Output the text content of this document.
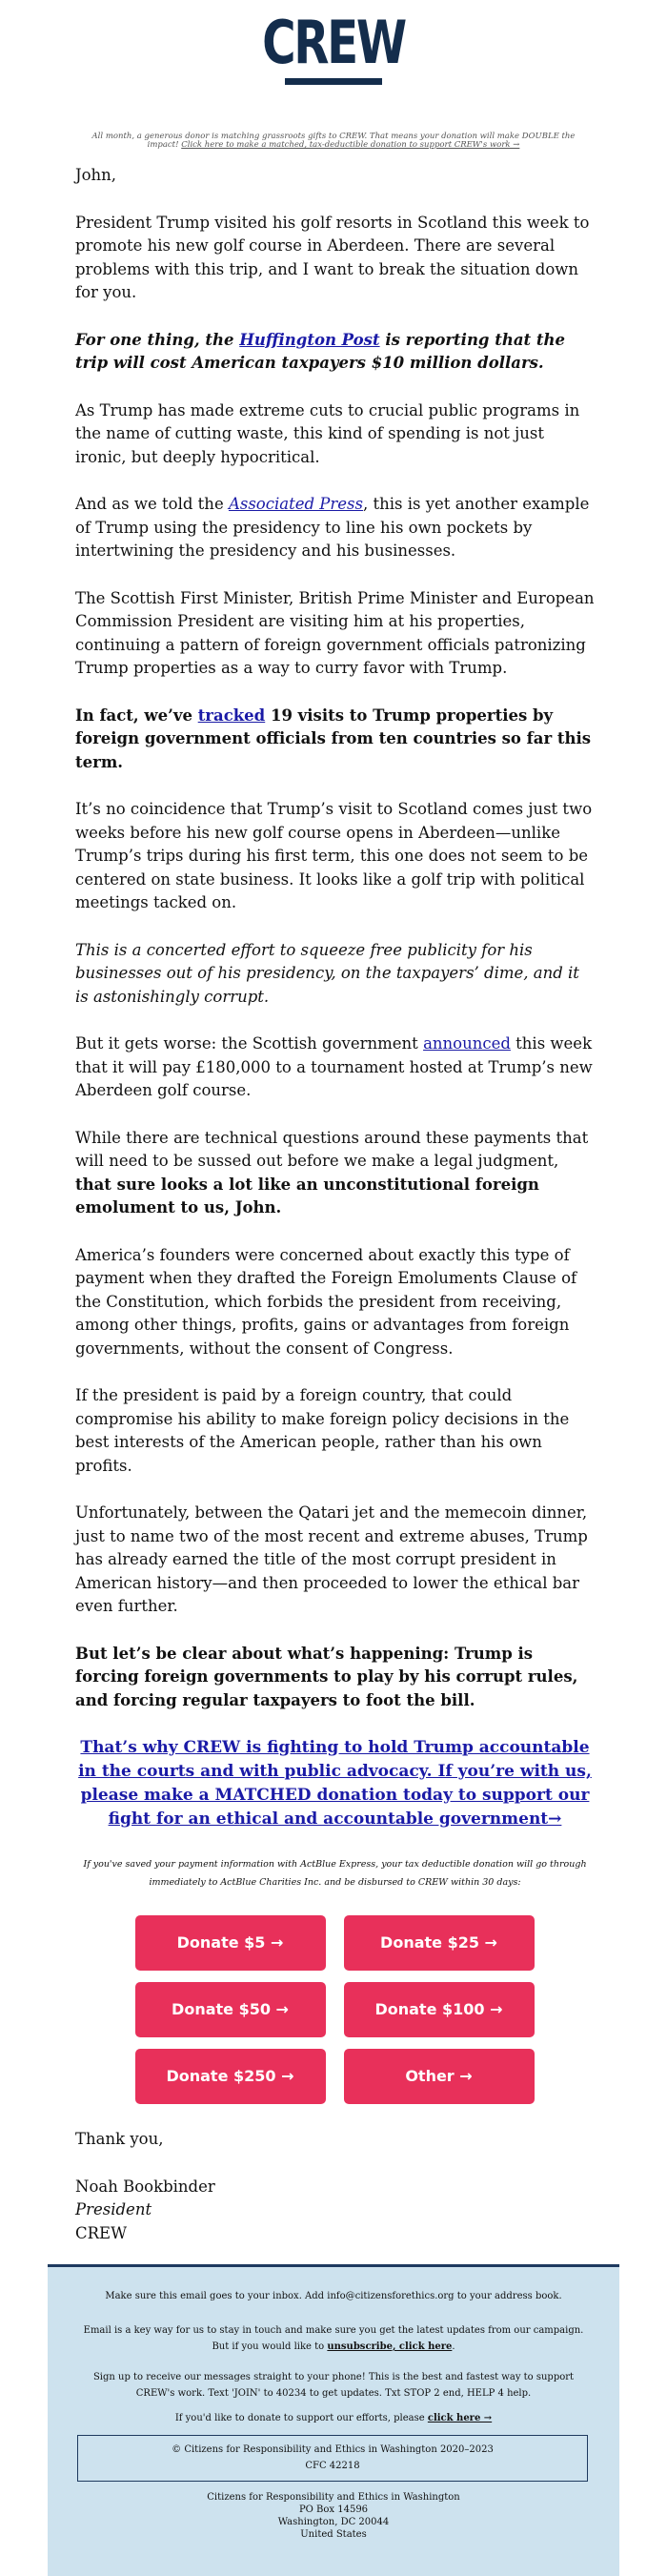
CREW
All month, a generous donor is matching grassroots gifts to CREW. That means your donation will make DOUBLE the impact! Click here to make a matched, tax-deductible donation to support CREW's work →

John,

President Trump visited his golf resorts in Scotland this week to promote his new golf course in Aberdeen. There are several problems with this trip, and I want to break the situation down for you.

For one thing, the Huffington Post is reporting that the trip will cost American taxpayers $10 million dollars.

As Trump has made extreme cuts to crucial public programs in the name of cutting waste, this kind of spending is not just ironic, but deeply hypocritical.

And as we told the Associated Press, this is yet another example of Trump using the presidency to line his own pockets by intertwining the presidency and his businesses.

The Scottish First Minister, British Prime Minister and European Commission President are visiting him at his properties, continuing a pattern of foreign government officials patronizing Trump properties as a way to curry favor with Trump.

In fact, we’ve tracked 19 visits to Trump properties by foreign government officials from ten countries so far this term.

It’s no coincidence that Trump’s visit to Scotland comes just two weeks before his new golf course opens in Aberdeen—unlike Trump’s trips during his first term, this one does not seem to be centered on state business. It looks like a golf trip with political meetings tacked on.

This is a concerted effort to squeeze free publicity for his businesses out of his presidency, on the taxpayers’ dime, and it is astonishingly corrupt.

But it gets worse: the Scottish government announced this week that it will pay £180,000 to a tournament hosted at Trump’s new Aberdeen golf course.

While there are technical questions around these payments that will need to be sussed out before we make a legal judgment, that sure looks a lot like an unconstitutional foreign emolument to us, John.

America’s founders were concerned about exactly this type of payment when they drafted the Foreign Emoluments Clause of the Constitution, which forbids the president from receiving, among other things, profits, gains or advantages from foreign governments, without the consent of Congress.

If the president is paid by a foreign country, that could compromise his ability to make foreign policy decisions in the best interests of the American people, rather than his own profits.

Unfortunately, between the Qatari jet and the memecoin dinner, just to name two of the most recent and extreme abuses, Trump has already earned the title of the most corrupt president in American history—and then proceeded to lower the ethical bar even further.

But let’s be clear about what’s happening: Trump is forcing foreign governments to play by his corrupt rules, and forcing regular taxpayers to foot the bill.

That’s why CREW is fighting to hold Trump accountable in the courts and with public advocacy. If you’re with us, please make a MATCHED donation today to support our fight for an ethical and accountable government→

If you've saved your payment information with ActBlue Express, your tax deductible donation will go through immediately to ActBlue Charities Inc. and be disbursed to CREW within 30 days:

Donate $5 →	Donate $25 →
Donate $50 →	Donate $100 →
Donate $250 →	Other →

Thank you,

Noah Bookbinder
President
CREW

Make sure this email goes to your inbox. Add info@citizensforethics.org to your address book.

Email is a key way for us to stay in touch and make sure you get the latest updates from our campaign. But if you would like to unsubscribe, click here.

Sign up to receive our messages straight to your phone! This is the best and fastest way to support CREW's work. Text 'JOIN' to 40234 to get updates. Txt STOP 2 end, HELP 4 help.

If you'd like to donate to support our efforts, please click here →

© Citizens for Responsibility and Ethics in Washington 2020–2023
CFC 42218
Citizens for Responsibility and Ethics in Washington
PO Box 14596
Washington, DC 20044
United States
